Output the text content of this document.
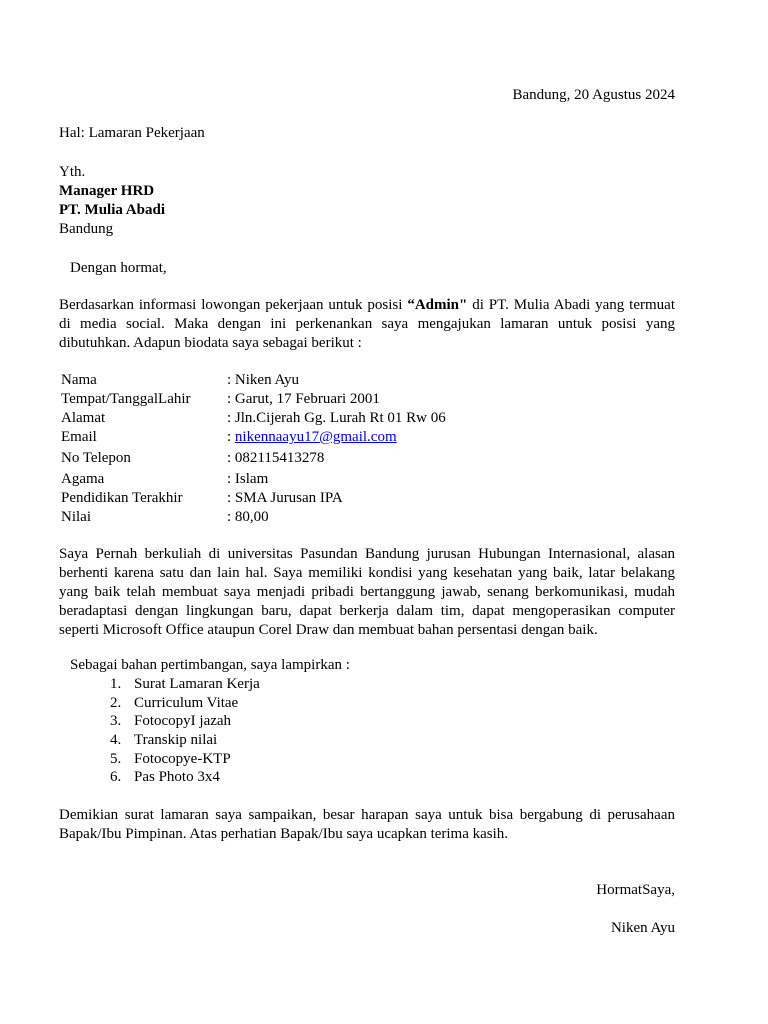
Bandung, 20 Agustus 2024
Hal: Lamaran Pekerjaan
Yth.
Manager HRD
PT. Mulia Abadi
Bandung
Dengan hormat,
Berdasarkan informasi lowongan pekerjaan untuk posisi “Admin" di PT. Mulia Abadi yang termuat di media social. Maka dengan ini perkenankan saya mengajukan lamaran untuk posisi yang dibutuhkan. Adapun biodata saya sebagai berikut :
Nama	: Niken Ayu
Tempat/TanggalLahir : Garut, 17 Februari 2001
Alamat	: Jln.Cijerah Gg. Lurah Rt 01 Rw 06
Email	: nikennaayu17@gmail.com
No Telepon	: 082115413278
Agama	: Islam
Pendidikan Terakhir	: SMA Jurusan IPA
Nilai	: 80,00
Saya Pernah berkuliah di universitas Pasundan Bandung jurusan Hubungan Internasional, alasan berhenti karena satu dan lain hal. Saya memiliki kondisi yang kesehatan yang baik, latar belakang yang baik telah membuat saya menjadi pribadi bertanggung jawab, senang berkomunikasi, mudah beradaptasi dengan lingkungan baru, dapat berkerja dalam tim, dapat mengoperasikan computer seperti Microsoft Office ataupun Corel Draw dan membuat bahan persentasi dengan baik.
Sebagai bahan pertimbangan, saya lampirkan :
1. Surat Lamaran Kerja
2. Curriculum Vitae
3. FotocopyI jazah
4. Transkip nilai
5. Fotocopye-KTP
6. Pas Photo 3x4
Demikian surat lamaran saya sampaikan, besar harapan saya untuk bisa bergabung di perusahaan Bapak/Ibu Pimpinan. Atas perhatian Bapak/Ibu saya ucapkan terima kasih.
HormatSaya,
Niken Ayu
